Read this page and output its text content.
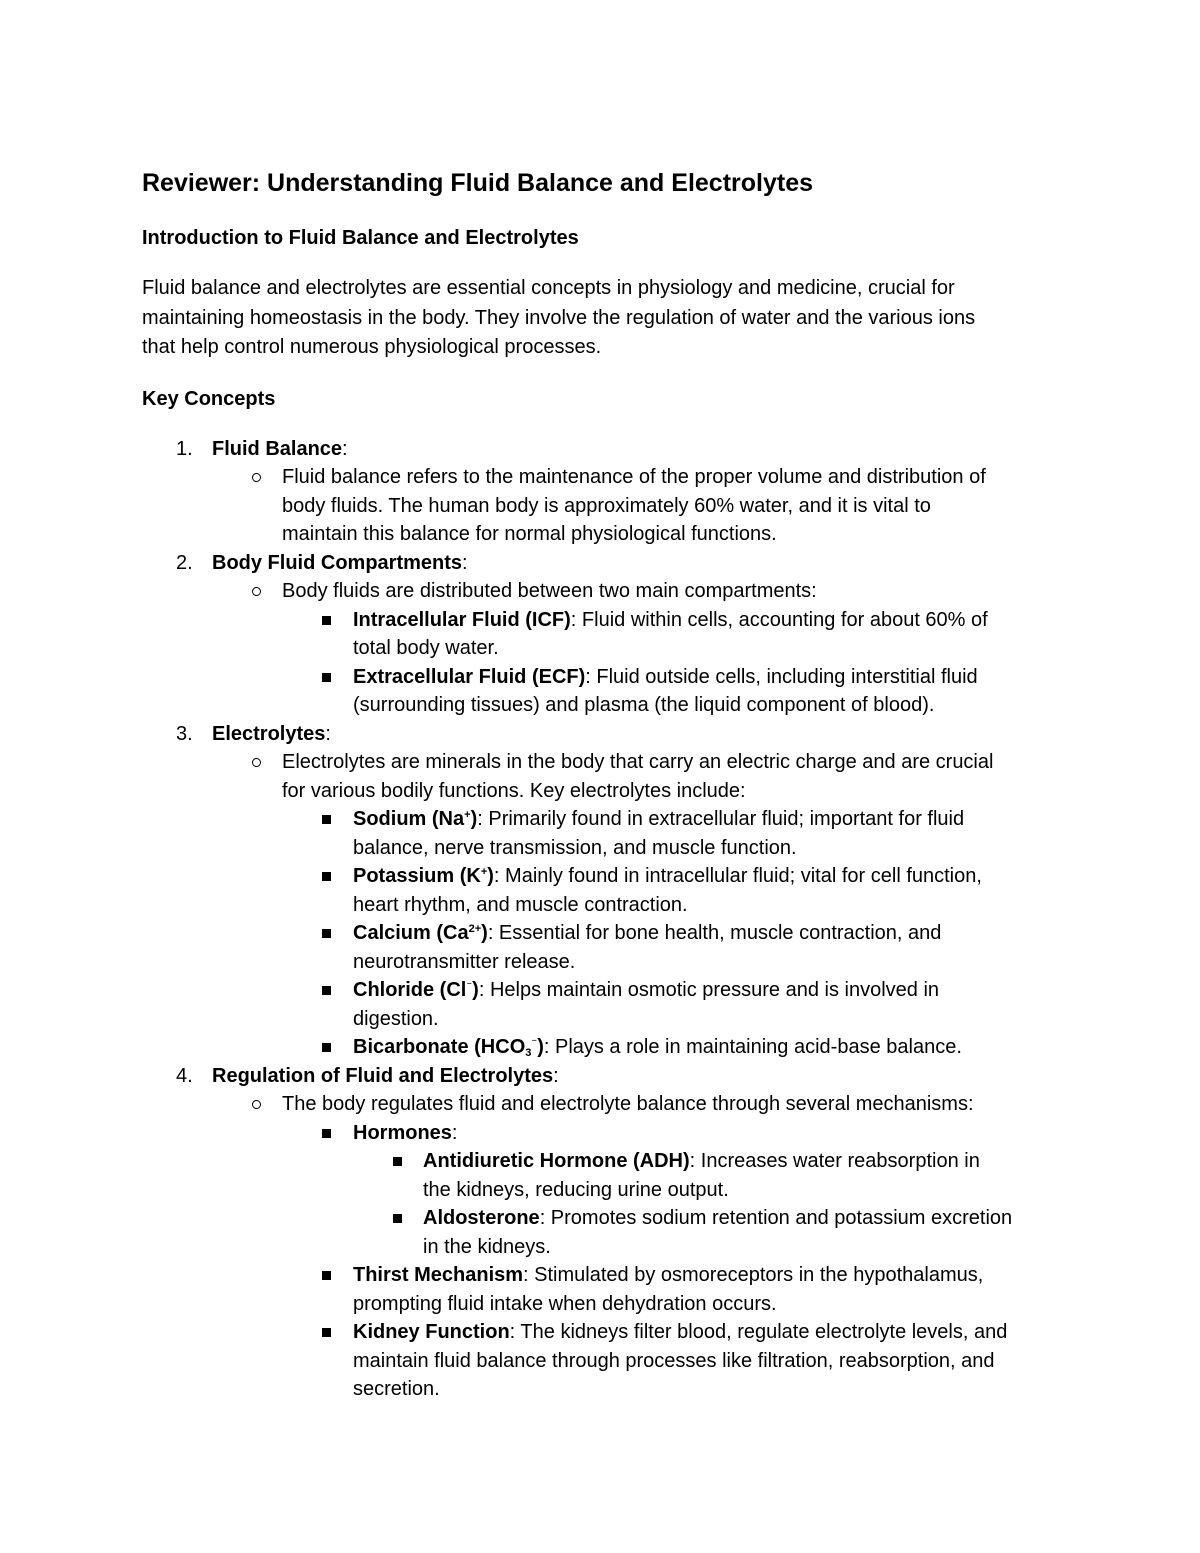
Reviewer: Understanding Fluid Balance and Electrolytes
Introduction to Fluid Balance and Electrolytes

Fluid balance and electrolytes are essential concepts in physiology and medicine, crucial for
maintaining homeostasis in the body. They involve the regulation of water and the various ions
that help control numerous physiological processes.

Key Concepts
1. Fluid Balance:
Fluid balance refers to the maintenance of the proper volume and distribution of
body fluids. The human body is approximately 60% water, and it is vital to
maintain this balance for normal physiological functions.
2. Body Fluid Compartments:
Body fluids are distributed between two main compartments:
Intracellular Fluid (ICF): Fluid within cells, accounting for about 60% of
total body water.
Extracellular Fluid (ECF): Fluid outside cells, including interstitial fluid
(surrounding tissues) and plasma (the liquid component of blood).
3. Electrolytes:
Electrolytes are minerals in the body that carry an electric charge and are crucial
for various bodily functions. Key electrolytes include:
Sodium (Na+): Primarily found in extracellular fluid; important for fluid
balance, nerve transmission, and muscle function.
Potassium (K+): Mainly found in intracellular fluid; vital for cell function,
heart rhythm, and muscle contraction.
Calcium $(Ca^{2+})$: Essential for bone health, muscle contraction, and
neurotransmitter release.
Chloride (Cl⁻): Helps maintain osmotic pressure and is involved in
digestion.
Bicarbonate (HCO3⁻): Plays a role in maintaining acid-base balance.
4. Regulation of Fluid and Electrolytes:
The body regulates fluid and electrolyte balance through several mechanisms:
Hormones:
Antidiuretic Hormone (ADH): Increases water reabsorption in
the kidneys, reducing urine output.
Aldosterone: Promotes sodium retention and potassium excretion
in the kidneys.
Thirst Mechanism: Stimulated by osmoreceptors in the hypothalamus,
prompting fluid intake when dehydration occurs.
Kidney Function: The kidneys filter blood, regulate electrolyte levels, and
maintain fluid balance through processes like filtration, reabsorption, and
secretion.
